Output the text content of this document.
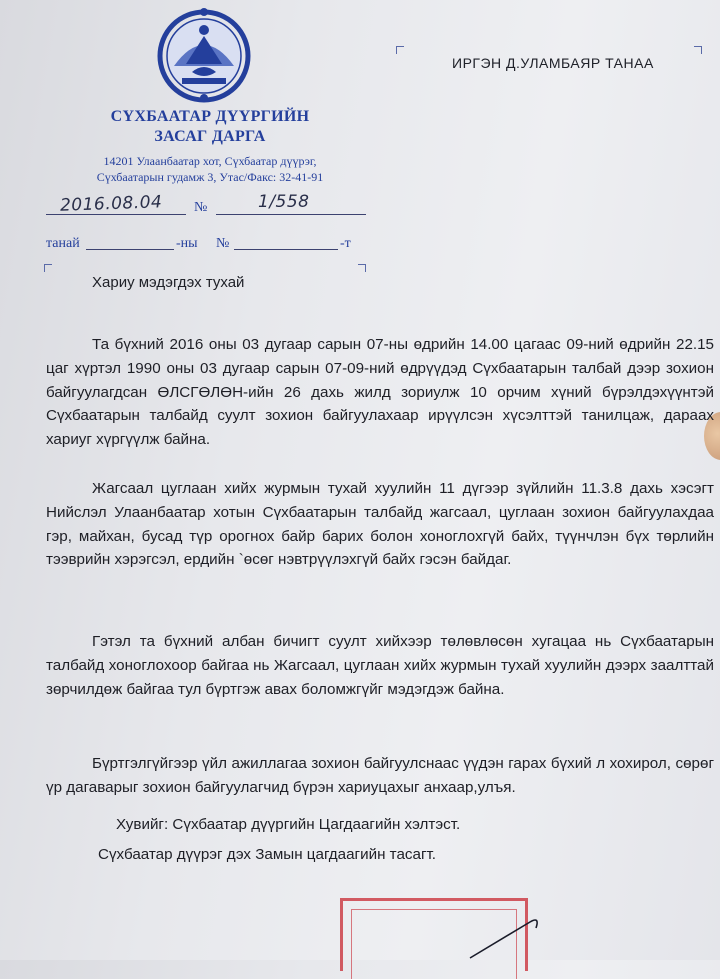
СҮХБААТАР ДҮҮРГИЙН
ЗАСАГ ДАРГА
14201 Улаанбаатар хот, Сүхбаатар дүүрэг,
Сүхбаатарын гудамж 3, Утас/Факс: 32-41-91
ИРГЭН Д.УЛАМБАЯР ТАНАА
2016.08.04 №	1/558
танай	-ны №	-т
Хариу мэдэгдэх тухай

Та бүхний 2016 оны 03 дугаар сарын 07-ны өдрийн 14.00 цагаас 09-ний өдрийн 22.15 цаг хүртэл 1990 оны 03 дугаар сарын 07-09-ний өдрүүдэд Сүхбаатарын талбай дээр зохион байгуулагдсан ӨЛСГӨЛӨН-ийн 26 дахь жилд зориулж 10 орчим хүний бүрэлдэхүүнтэй Сүхбаатарын талбайд суулт зохион байгуулахаар ирүүлсэн хүсэлттэй танилцаж, дараах хариуг хүргүүлж байна.

Жагсаал цуглаан хийх журмын тухай хуулийн 11 дүгээр зүйлийн 11.3.8 дахь хэсэгт Нийслэл Улаанбаатар хотын Сүхбаатарын талбайд жагсаал, цуглаан зохион байгуулахдаа гэр, майхан, бусад түр орогнох байр барих болон хоноглохгүй байх, түүнчлэн бүх төрлийн тээврийн хэрэгсэл, ердийн `өсөг нэвтрүүлэхгүй байх гэсэн байдаг.

Гэтэл та бүхний албан бичигт суулт хийхээр төлөвлөсөн хугацаа нь Сүхбаатарын талбайд хоноглохоор байгаа нь Жагсаал, цуглаан хийх журмын тухай хуулийн дээрх заалттай зөрчилдөж байгаа тул бүртгэж авах боломжгүйг мэдэгдэж байна.

Бүртгэлгүйгээр үйл ажиллагаа зохион байгуулснаас үүдэн гарах бүхий л хохирол, сөрөг үр дагаварыг зохион байгуулагчид бүрэн хариуцахыг анхаар,улъя.

Хувийг: Сүхбаатар дүүргийн Цагдаагийн хэлтэст.
Сүхбаатар дүүрэг дэх Замын цагдаагийн тасагт.
